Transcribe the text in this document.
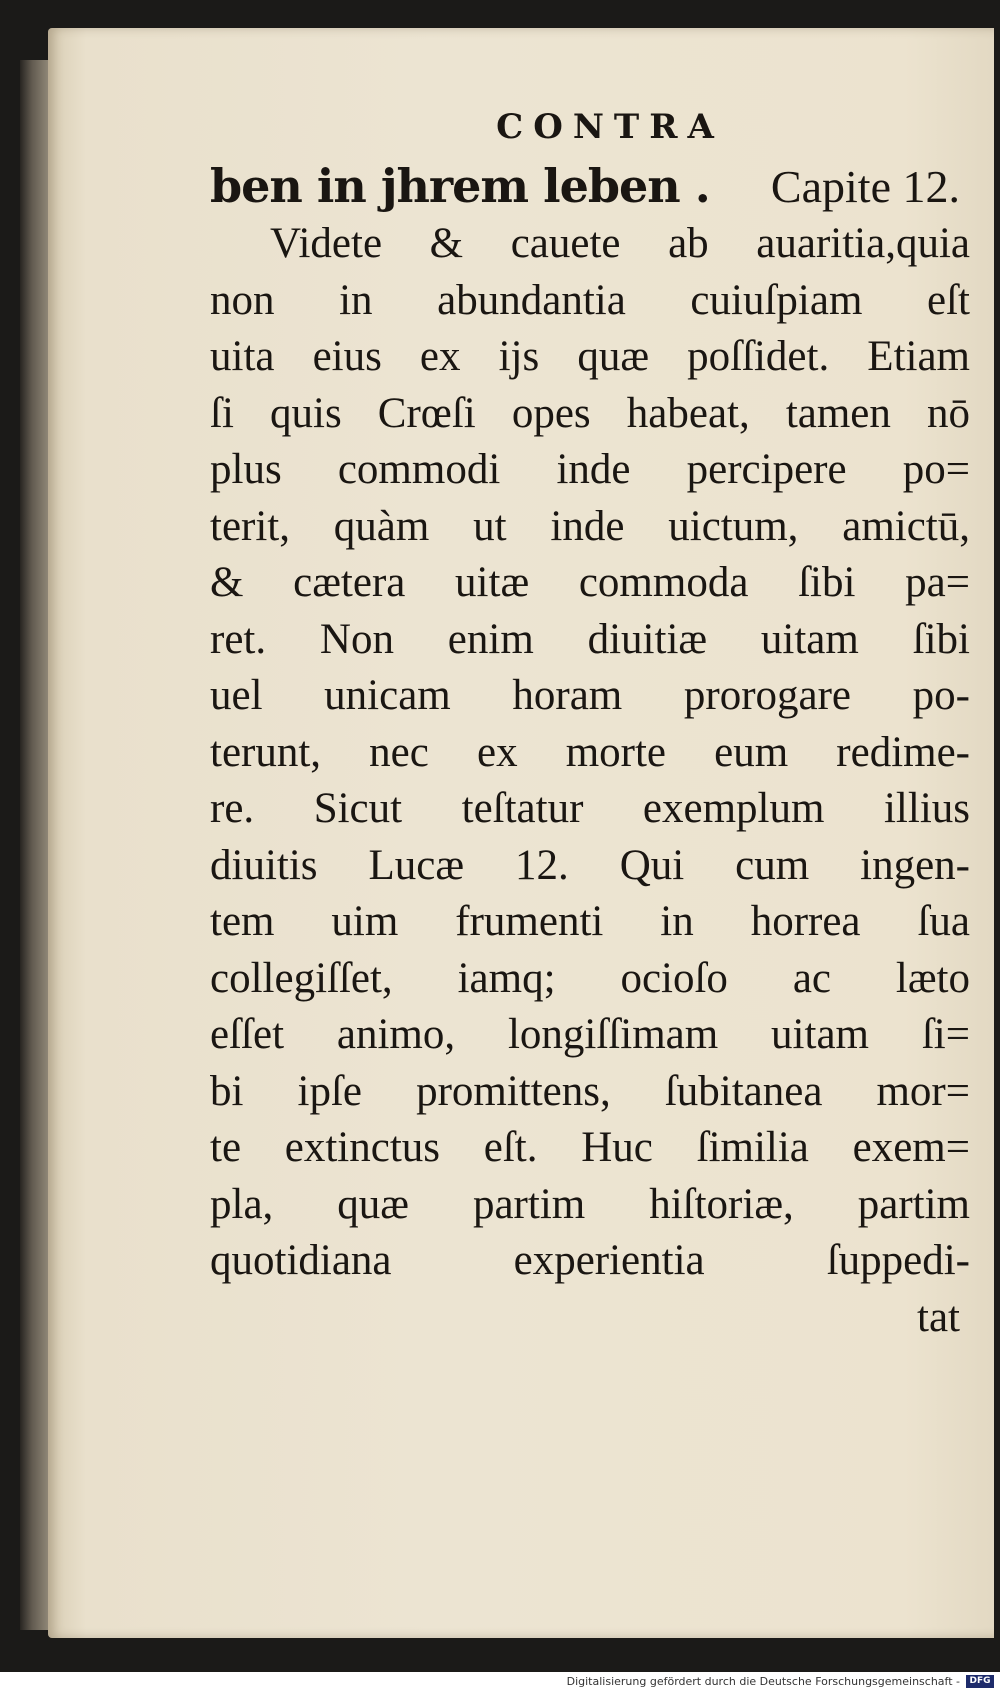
CONTRA
ben in jhrem leben . Capite 12.
Videte & cauete ab auaritia,quia
non in abundantia cuiuſpiam eſt
uita eius ex ijs quæ poſſidet. Etiam
ſi quis Crœſi opes habeat, tamen nō
plus commodi inde percipere po=
terit, quàm ut inde uictum, amictū,
& cætera uitæ commoda ſibi pa=
ret. Non enim diuitiæ uitam ſibi
uel unicam horam prorogare po-
terunt, nec ex morte eum redime-
re. Sicut teſtatur exemplum illius
diuitis Lucæ 12. Qui cum ingen-
tem uim frumenti in horrea ſua
collegiſſet, iamq; ocioſo ac læto
eſſet animo, longiſſimam uitam ſi=
bi ipſe promittens, ſubitanea mor=
te extinctus eſt. Huc ſimilia exem=
pla, quæ partim hiſtoriæ, partim
quotidiana experientia ſuppedi-
tat
Digitalisierung gefördert durch die Deutsche Forschungsgemeinschaft -	DFG
